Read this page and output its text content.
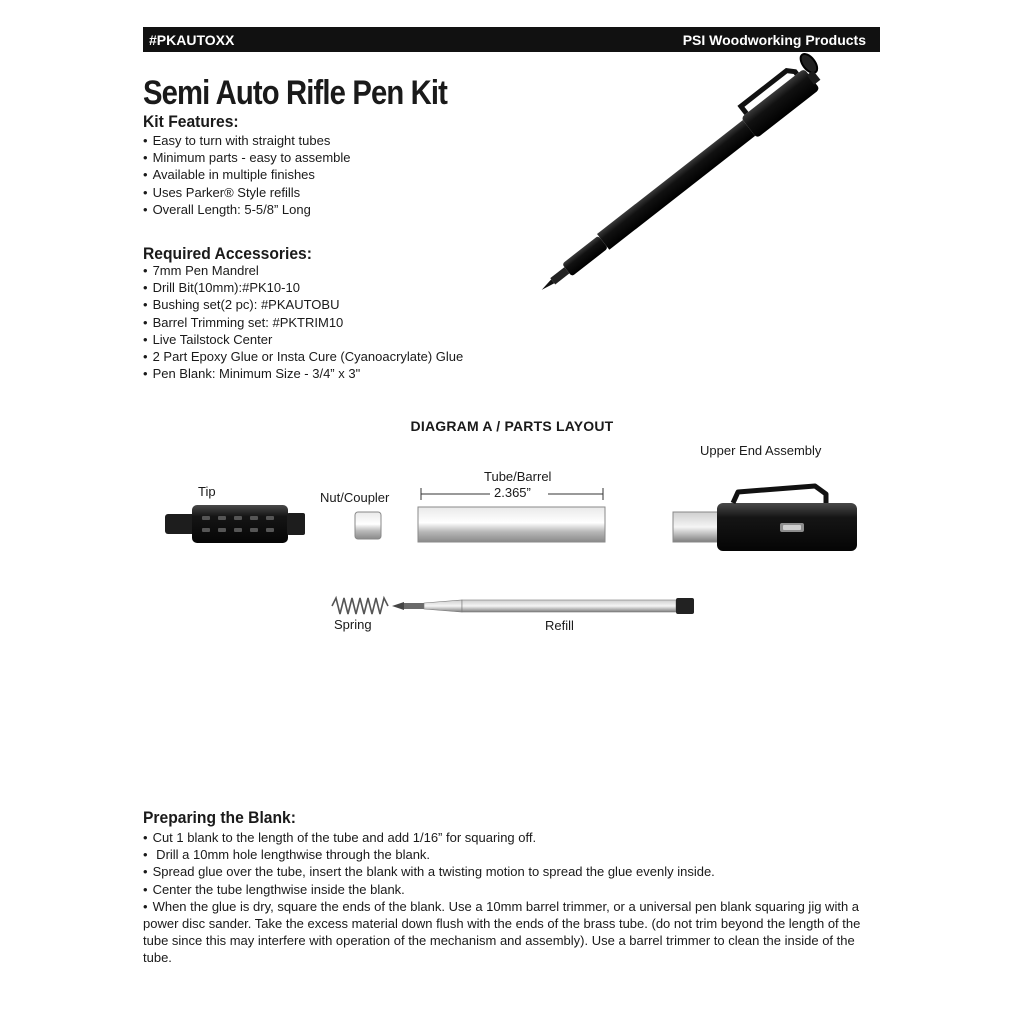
#PKAUTOXX	PSI Woodworking Products
Semi Auto Rifle Pen Kit
Kit Features:
• Easy to turn with straight tubes
• Minimum parts - easy to assemble
• Available in multiple finishes
• Uses Parker® Style refills
• Overall Length: 5-5/8” Long
Required Accessories:
• 7mm Pen Mandrel
• Drill Bit(10mm):#PK10-10
• Bushing set(2 pc): #PKAUTOBU
• Barrel Trimming set: #PKTRIM10
• Live Tailstock Center
• 2 Part Epoxy Glue or Insta Cure (Cyanoacrylate) Glue
• Pen Blank: Minimum Size - 3/4” x 3"
DIAGRAM A / PARTS LAYOUT
Tip	Nut/Coupler
Tube/Barrel
2.365”
Upper End Assembly
Spring	Refill
Preparing the Blank:
• Cut 1 blank to the length of the tube and add 1/16” for squaring off.
• Drill a 10mm hole lengthwise through the blank.
• Spread glue over the tube, insert the blank with a twisting motion to spread the glue evenly inside.
• Center the tube lengthwise inside the blank.
• When the glue is dry, square the ends of the blank. Use a 10mm barrel trimmer, or a universal pen blank squaring jig with a power disc sander. Take the excess material down flush with the ends of the brass tube. (do not trim beyond the length of the tube since this may interfere with operation of the mechanism and assembly). Use a barrel trimmer to clean the inside of the tube.
